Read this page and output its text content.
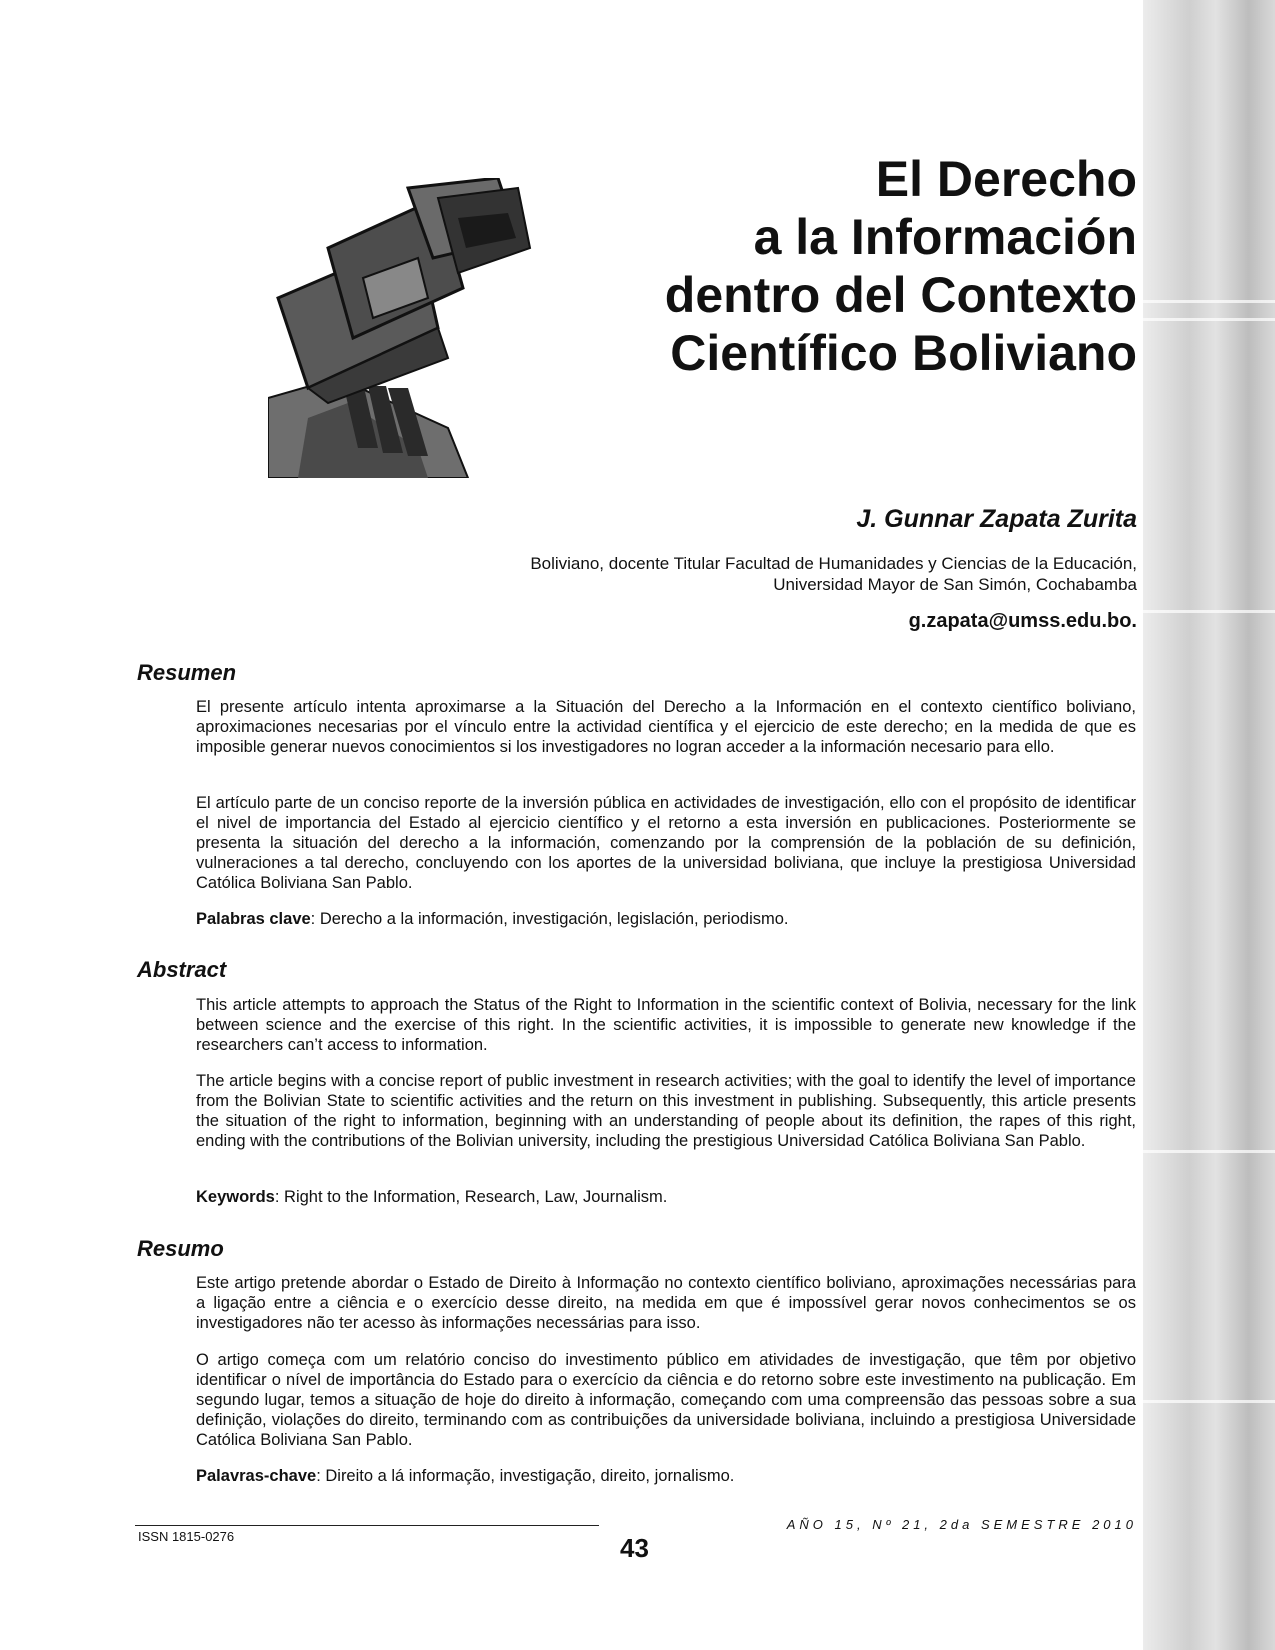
El Derecho
a la Información
dentro del Contexto
Científico Boliviano

J. Gunnar Zapata Zurita

Boliviano, docente Titular Facultad de Humanidades y Ciencias de la Educación,
Universidad Mayor de San Simón, Cochabamba

g.zapata@umss.edu.bo.

Resumen

El presente artículo intenta aproximarse a la Situación del Derecho a la Información en el contexto científico boliviano, aproximaciones necesarias por el vínculo entre la actividad científica y el ejercicio de este derecho; en la medida de que es imposible generar nuevos conocimientos si los investigadores no logran acceder a la información necesario para ello.

El artículo parte de un conciso reporte de la inversión pública en actividades de investigación, ello con el propósito de identificar el nivel de importancia del Estado al ejercicio científico y el retorno a esta inversión en publicaciones. Posteriormente se presenta la situación del derecho a la información, comenzando por la comprensión de la población de su definición, vulneraciones a tal derecho, concluyendo con los aportes de la universidad boliviana, que incluye la prestigiosa Universidad Católica Boliviana San Pablo.

Palabras clave: Derecho a la información, investigación, legislación, periodismo.

Abstract

This article attempts to approach the Status of the Right to Information in the scientific context of Bolivia, necessary for the link between science and the exercise of this right. In the scientific activities, it is impossible to generate new knowledge if the researchers can’t access to information.

The article begins with a concise report of public investment in research activities; with the goal to identify the level of importance from the Bolivian State to scientific activities and the return on this investment in publishing. Subsequently, this article presents the situation of the right to information, beginning with an understanding of people about its definition, the rapes of this right, ending with the contributions of the Bolivian university, including the prestigious Universidad Católica Boliviana San Pablo.

Keywords: Right to the Information, Research, Law, Journalism.

Resumo

Este artigo pretende abordar o Estado de Direito à Informação no contexto científico boliviano, aproximações necessárias para a ligação entre a ciência e o exercício desse direito, na medida em que é impossível gerar novos conhecimentos se os investigadores não ter acesso às informações necessárias para isso.

O artigo começa com um relatório conciso do investimento público em atividades de investigação, que têm por objetivo identificar o nível de importância do Estado para o exercício da ciência e do retorno sobre este investimento na publicação. Em segundo lugar, temos a situação de hoje do direito à informação, começando com uma compreensão das pessoas sobre a sua definição, violações do direito, terminando com as contribuições da universidade boliviana, incluindo a prestigiosa Universidade Católica Boliviana San Pablo.

Palavras-chave: Direito a lá informação, investigação, direito, jornalismo.

ISSN 1815-0276	43

AÑO 15, Nº 21, 2da SEMESTRE 2010
